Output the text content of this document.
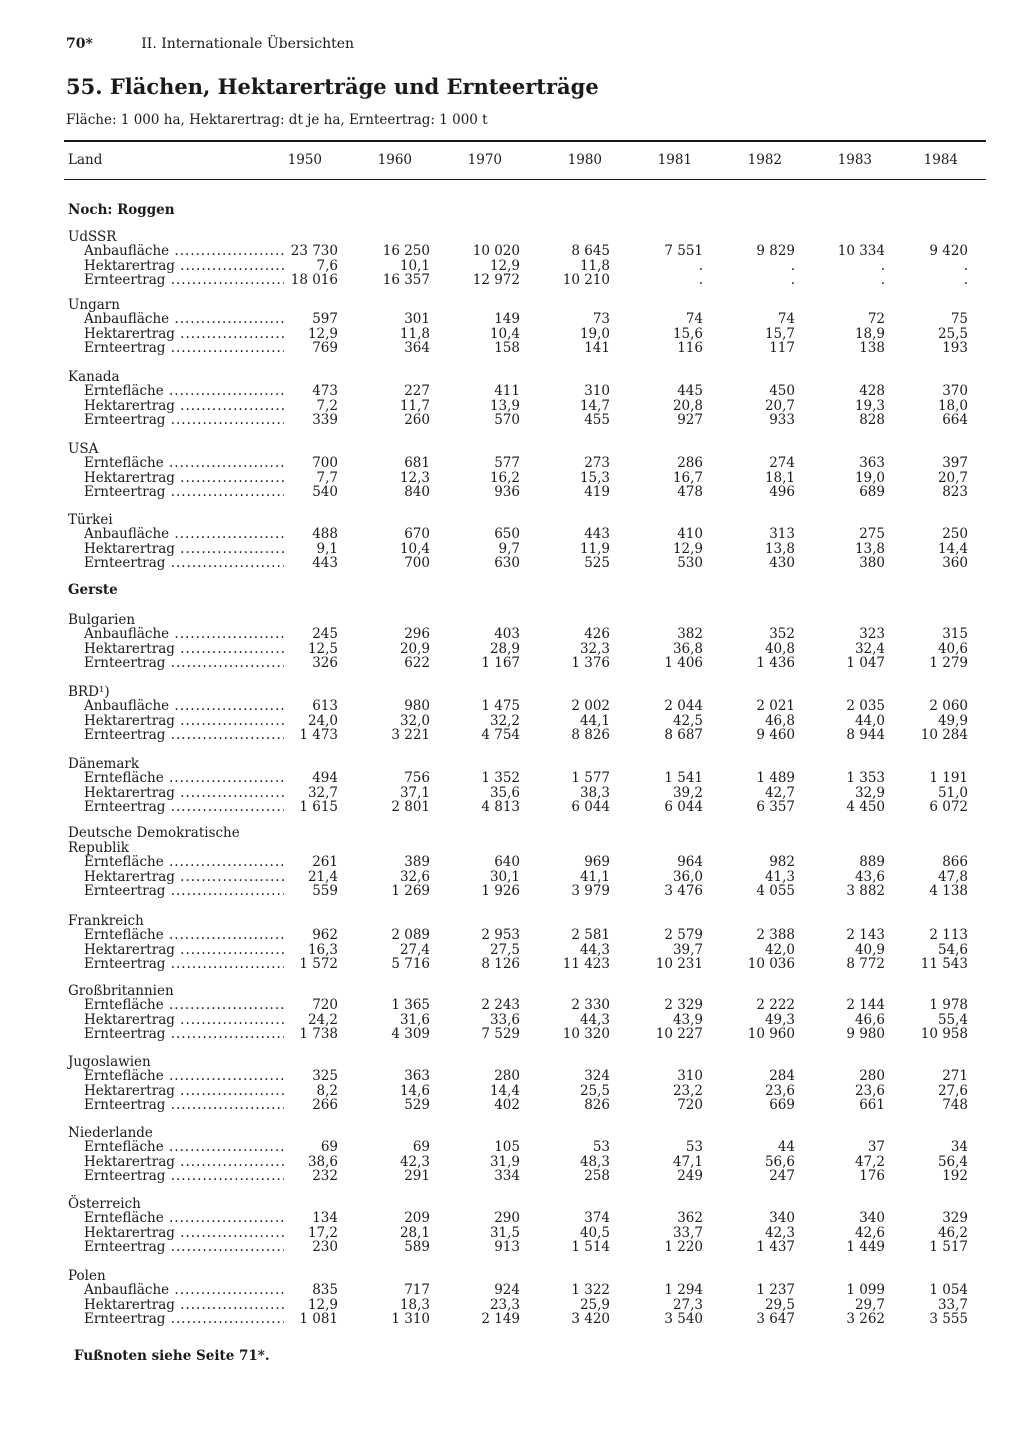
70*	II. Internationale Übersichten
55. Flächen, Hektarerträge und Ernteerträge
Fläche: 1 000 ha, Hektarertrag: dt je ha, Ernteertrag: 1 000 t
Land	1950	1960	1970	1980	1981	1982	1983	1984
Noch: Roggen
UdSSR
Anbaufläche .....	23 730	16 250	10 020	8 645	7 551	9 829	10 334	9 420
Hektarertrag .....	7,6	10,1	12,9	11,8	.	.	.	.
Ernteertrag .....	18 016	16 357	12 972	10 210	.	.	.	.
Ungarn
Anbaufläche .....	597	301	149	73	74	74	72	75
Hektarertrag .....	12,9	11,8	10,4	19,0	15,6	15,7	18,9	25,5
Ernteertrag .....	769	364	158	141	116	117	138	193
Kanada
Erntefläche .....	473	227	411	310	445	450	428	370
Hektarertrag .....	7,2	11,7	13,9	14,7	20,8	20,7	19,3	18,0
Ernteertrag .....	339	260	570	455	927	933	828	664
USA
Erntefläche .....	700	681	577	273	286	274	363	397
Hektarertrag .....	7,7	12,3	16,2	15,3	16,7	18,1	19,0	20,7
Ernteertrag .....	540	840	936	419	478	496	689	823
Türkei
Anbaufläche .....	488	670	650	443	410	313	275	250
Hektarertrag .....	9,1	10,4	9,7	11,9	12,9	13,8	13,8	14,4
Ernteertrag .....	443	700	630	525	530	430	380	360
Gerste
Bulgarien
Anbaufläche .....	245	296	403	426	382	352	323	315
Hektarertrag .....	12,5	20,9	28,9	32,3	36,8	40,8	32,4	40,6
Ernteertrag .....	326	622	1 167	1 376	1 406	1 436	1 047	1 279
BRD¹)
Anbaufläche .....	613	980	1 475	2 002	2 044	2 021	2 035	2 060
Hektarertrag .....	24,0	32,0	32,2	44,1	42,5	46,8	44,0	49,9
Ernteertrag .....	1 473	3 221	4 754	8 826	8 687	9 460	8 944	10 284
Dänemark
Erntefläche .....	494	756	1 352	1 577	1 541	1 489	1 353	1 191
Hektarertrag .....	32,7	37,1	35,6	38,3	39,2	42,7	32,9	51,0
Ernteertrag .....	1 615	2 801	4 813	6 044	6 044	6 357	4 450	6 072
Deutsche Demokratische Republik
Erntefläche .....	261	389	640	969	964	982	889	866
Hektarertrag .....	21,4	32,6	30,1	41,1	36,0	41,3	43,6	47,8
Ernteertrag .....	559	1 269	1 926	3 979	3 476	4 055	3 882	4 138
Frankreich
Erntefläche .....	962	2 089	2 953	2 581	2 579	2 388	2 143	2 113
Hektarertrag .....	16,3	27,4	27,5	44,3	39,7	42,0	40,9	54,6
Ernteertrag .....	1 572	5 716	8 126	11 423	10 231	10 036	8 772	11 543
Großbritannien
Erntefläche .....	720	1 365	2 243	2 330	2 329	2 222	2 144	1 978
Hektarertrag .....	24,2	31,6	33,6	44,3	43,9	49,3	46,6	55,4
Ernteertrag .....	1 738	4 309	7 529	10 320	10 227	10 960	9 980	10 958
Jugoslawien
Erntefläche .....	325	363	280	324	310	284	280	271
Hektarertrag .....	8,2	14,6	14,4	25,5	23,2	23,6	23,6	27,6
Ernteertrag .....	266	529	402	826	720	669	661	748
Niederlande
Erntefläche .....	69	69	105	53	53	44	37	34
Hektarertrag .....	38,6	42,3	31,9	48,3	47,1	56,6	47,2	56,4
Ernteertrag .....	232	291	334	258	249	247	176	192
Österreich
Erntefläche .....	134	209	290	374	362	340	340	329
Hektarertrag .....	17,2	28,1	31,5	40,5	33,7	42,3	42,6	46,2
Ernteertrag .....	230	589	913	1 514	1 220	1 437	1 449	1 517
Polen
Anbaufläche .....	835	717	924	1 322	1 294	1 237	1 099	1 054
Hektarertrag .....	12,9	18,3	23,3	25,9	27,3	29,5	29,7	33,7
Ernteertrag .....	1 081	1 310	2 149	3 420	3 540	3 647	3 262	3 555
Fußnoten siehe Seite 71*.
